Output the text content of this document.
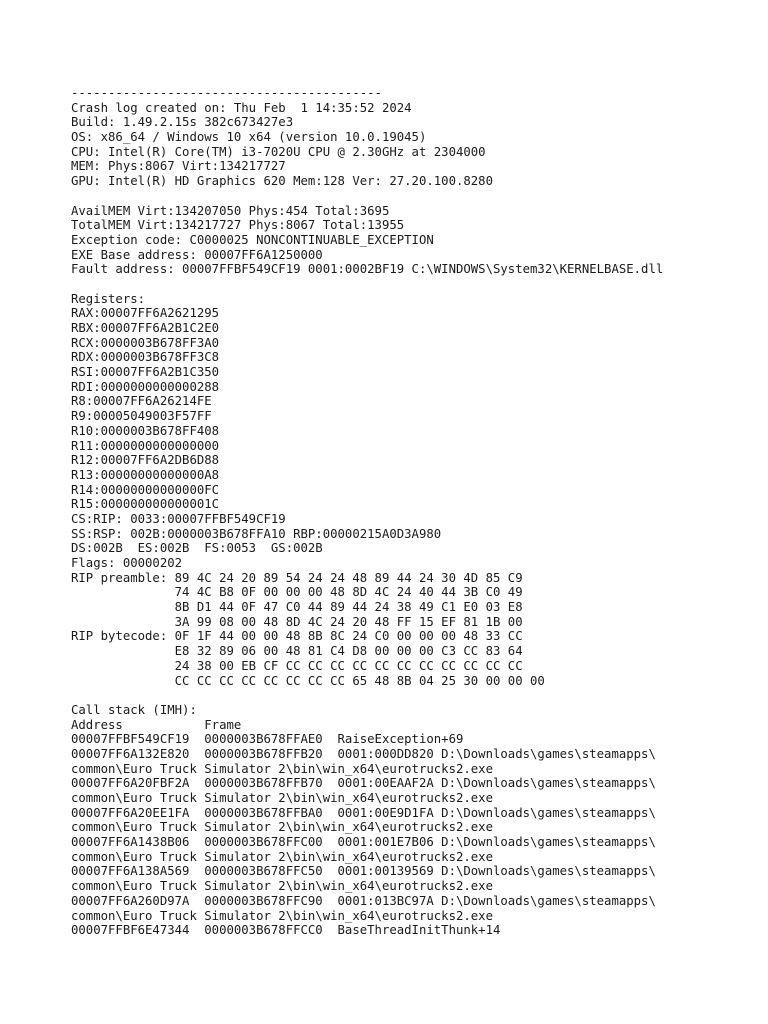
------------------------------------------
Crash log created on: Thu Feb  1 14:35:52 2024
Build: 1.49.2.15s 382c673427e3
OS: x86_64 / Windows 10 x64 (version 10.0.19045)
CPU: Intel(R) Core(TM) i3-7020U CPU @ 2.30GHz at 2304000
MEM: Phys:8067 Virt:134217727
GPU: Intel(R) HD Graphics 620 Mem:128 Ver: 27.20.100.8280
AvailMEM Virt:134207050 Phys:454 Total:3695
TotalMEM Virt:134217727 Phys:8067 Total:13955
Exception code: C0000025 NONCONTINUABLE_EXCEPTION
EXE Base address: 00007FF6A1250000
Fault address: 00007FFBF549CF19 0001:0002BF19 C:\WINDOWS\System32\KERNELBASE.dll
Registers:
RAX:00007FF6A2621295
RBX:00007FF6A2B1C2E0
RCX:0000003B678FF3A0
RDX:0000003B678FF3C8
RSI:00007FF6A2B1C350
RDI:0000000000000288
R8:00007FF6A26214FE
R9:00005049003F57FF
R10:0000003B678FF408
R11:0000000000000000
R12:00007FF6A2DB6D88
R13:00000000000000A8
R14:00000000000000FC
R15:000000000000001C
CS:RIP: 0033:00007FFBF549CF19
SS:RSP: 002B:0000003B678FFA10 RBP:00000215A0D3A980
DS:002B  ES:002B  FS:0053  GS:002B
Flags: 00000202
RIP preamble: 89 4C 24 20 89 54 24 24 48 89 44 24 30 4D 85 C9
74 4C B8 0F 00 00 00 48 8D 4C 24 40 44 3B C0 49
8B D1 44 0F 47 C0 44 89 44 24 38 49 C1 E0 03 E8
3A 99 08 00 48 8D 4C 24 20 48 FF 15 EF 81 1B 00
RIP bytecode: 0F 1F 44 00 00 48 8B 8C 24 C0 00 00 00 48 33 CC
E8 32 89 06 00 48 81 C4 D8 00 00 00 C3 CC 83 64
24 38 00 EB CF CC CC CC CC CC CC CC CC CC CC CC
CC CC CC CC CC CC CC CC 65 48 8B 04 25 30 00 00 00
Call stack (IMH):
Address           Frame
00007FFBF549CF19  0000003B678FFAE0  RaiseException+69
00007FF6A132E820  0000003B678FFB20  0001:000DD820 D:\Downloads\games\steamapps\
common\Euro Truck Simulator 2\bin\win_x64\eurotrucks2.exe
00007FF6A20FBF2A  0000003B678FFB70  0001:00EAAF2A D:\Downloads\games\steamapps\
common\Euro Truck Simulator 2\bin\win_x64\eurotrucks2.exe
00007FF6A20EE1FA  0000003B678FFBA0  0001:00E9D1FA D:\Downloads\games\steamapps\
common\Euro Truck Simulator 2\bin\win_x64\eurotrucks2.exe
00007FF6A1438B06  0000003B678FFC00  0001:001E7B06 D:\Downloads\games\steamapps\
common\Euro Truck Simulator 2\bin\win_x64\eurotrucks2.exe
00007FF6A138A569  0000003B678FFC50  0001:00139569 D:\Downloads\games\steamapps\
common\Euro Truck Simulator 2\bin\win_x64\eurotrucks2.exe
00007FF6A260D97A  0000003B678FFC90  0001:013BC97A D:\Downloads\games\steamapps\
common\Euro Truck Simulator 2\bin\win_x64\eurotrucks2.exe
00007FFBF6E47344  0000003B678FFCC0  BaseThreadInitThunk+14
